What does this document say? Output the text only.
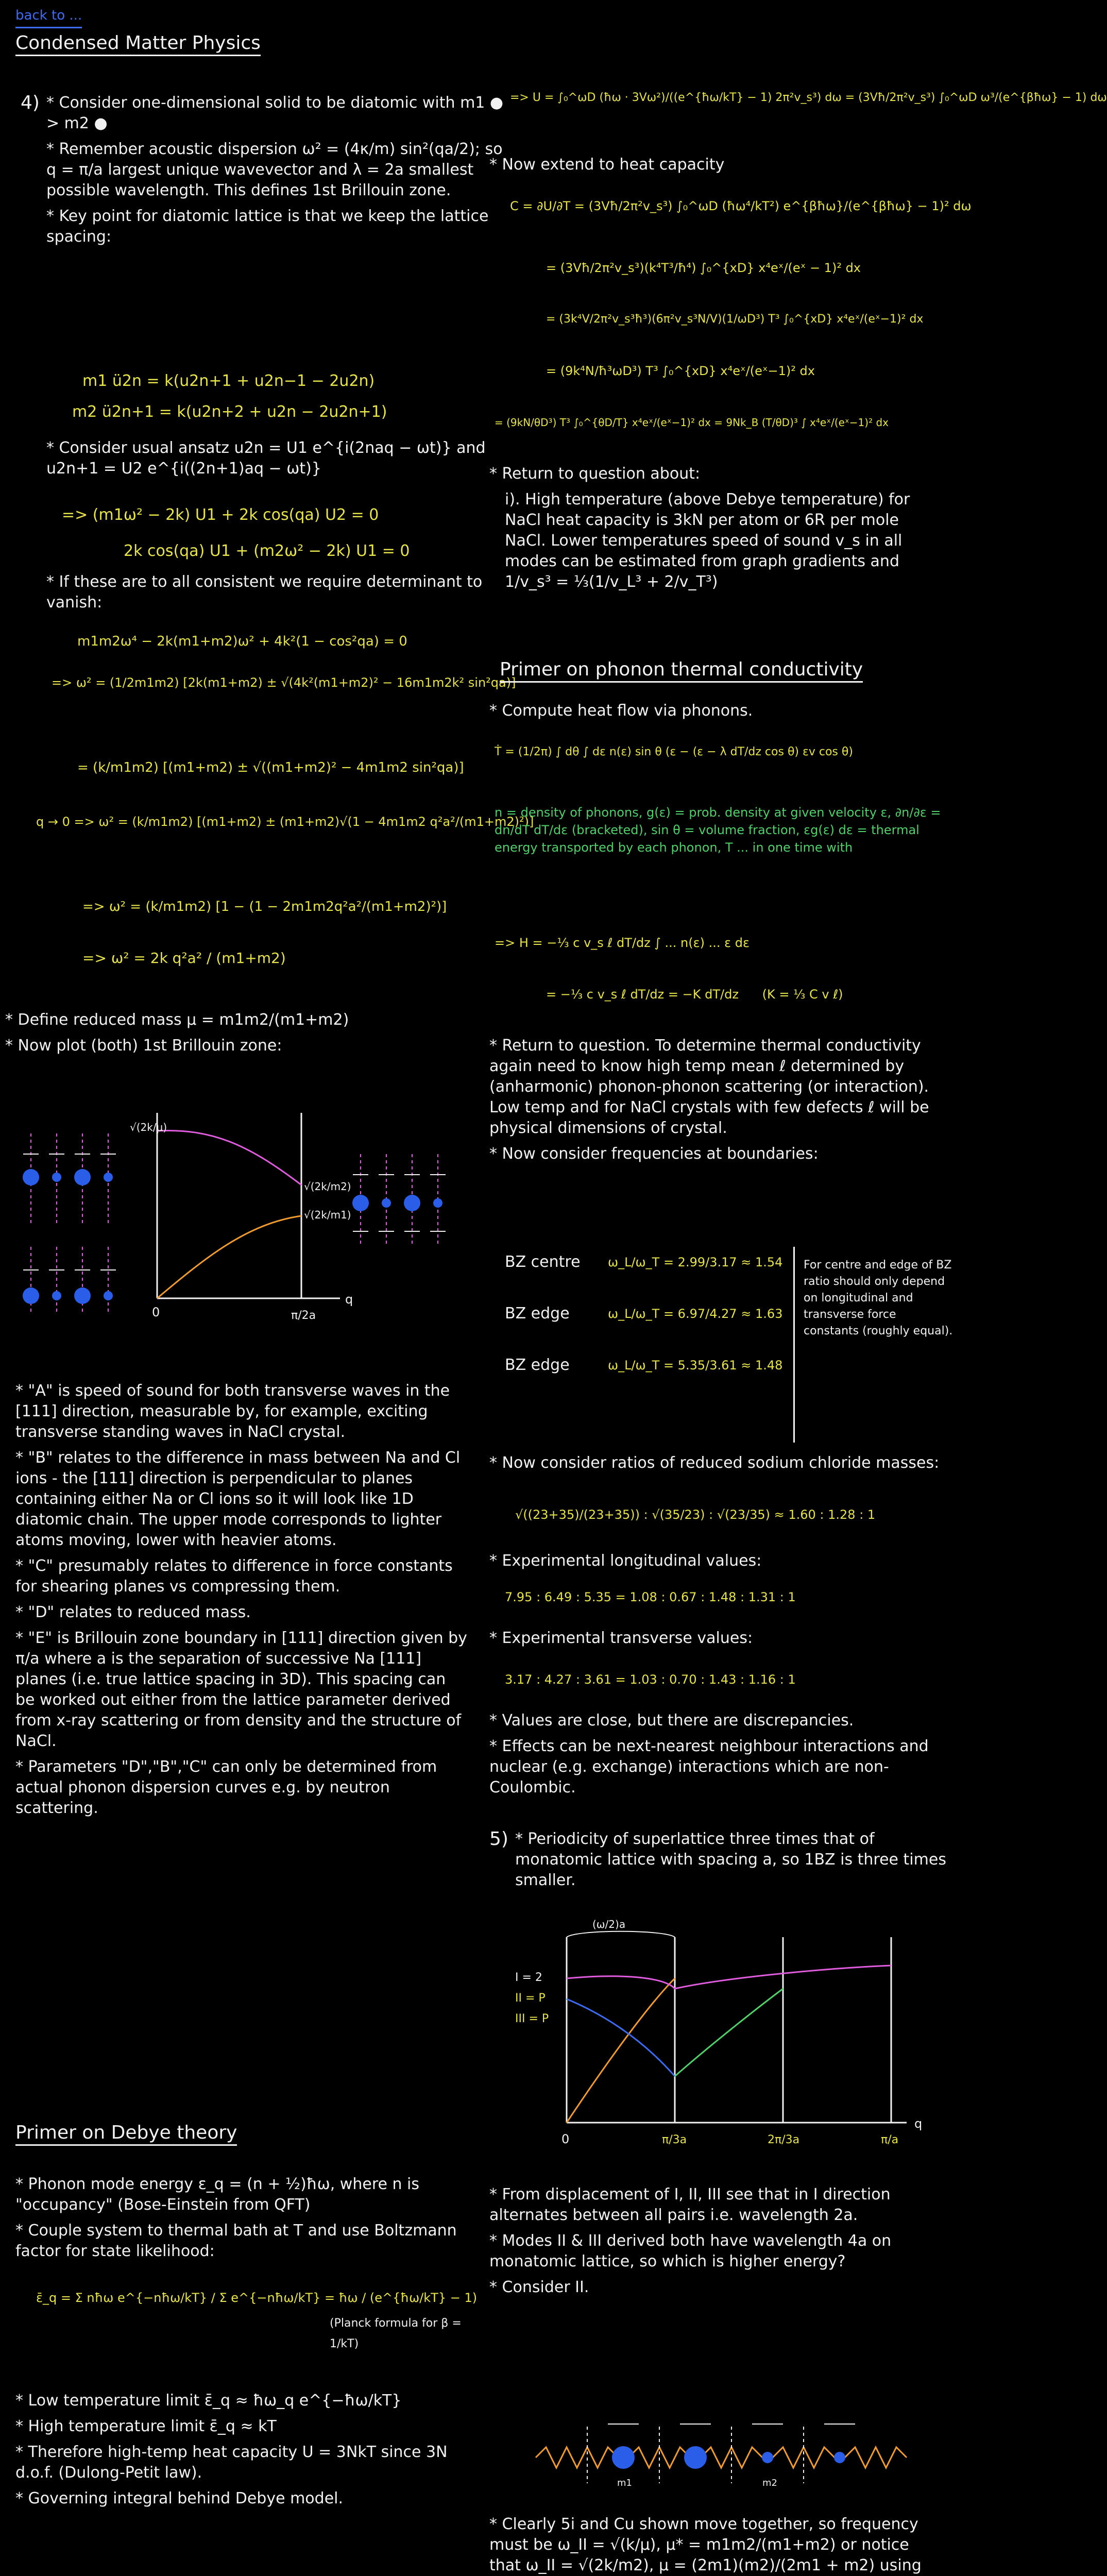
back to ...
Condensed Matter Physics
4) * Consider one-dimensional solid to be diatomic with m1 ● > m2 ●

* Remember acoustic dispersion ω² = (4κ/m) sin²(qa/2); so q = π/a largest unique wavevector and λ = 2a smallest possible wavelength. This defines 1st Brillouin zone.

* Key point for diatomic lattice is that we keep the lattice spacing:

m1 ü2n = k(u2n+1 + u2n−1 − 2u2n)
m2 ü2n+1 = k(u2n+2 + u2n − 2u2n+1)

* Consider usual ansatz u2n = U1 e^{i(2naq − ωt)} and u2n+1 = U2 e^{i((2n+1)aq − ωt)}

=> (m1ω² − 2k) U1 + 2k cos(qa) U2 = 0
2k cos(qa) U1 + (m2ω² − 2k) U1 = 0

* If these are to all consistent we require determinant to vanish:

m1m2ω⁴ − 2k(m1+m2)ω² + 4k²(1 − cos²qa) = 0
=> ω² = (1/2m1m2) [2k(m1+m2) ± √(4k²(m1+m2)² − 16m1m2k² sin²qa)]
= (k/m1m2) [(m1+m2) ± √((m1+m2)² − 4m1m2 sin²qa)]
q → 0 => ω² = (k/m1m2) [(m1+m2) ± (m1+m2)√(1 − 4m1m2 q²a²/(m1+m2)²)]
=> ω² = (k/m1m2) [1 − (1 − 2m1m2q²a²/(m1+m2)²)]
=> ω² = 2k q²a² / (m1+m2)

* Define reduced mass μ = m1m2/(m1+m2)

* Now plot (both) 1st Brillouin zone:

√(2k/μ)
√(2k/m2)
√(2k/m1)
0	π/2a
q

* "A" is speed of sound for both transverse waves in the [111] direction, measurable by, for example, exciting transverse standing waves in NaCl crystal.

* "B" relates to the difference in mass between Na and Cl ions - the [111] direction is perpendicular to planes containing either Na or Cl ions so it will look like 1D diatomic chain. The upper mode corresponds to lighter atoms moving, lower with heavier atoms.

* "C" presumably relates to difference in force constants for shearing planes vs compressing them.

* "D" relates to reduced mass.

* "E" is Brillouin zone boundary in [111] direction given by π/a where a is the separation of successive Na [111] planes (i.e. true lattice spacing in 3D). This spacing can be worked out either from the lattice parameter derived from x-ray scattering or from density and the structure of NaCl.

* Parameters "D","B","C" can only be determined from actual phonon dispersion curves e.g. by neutron scattering.

Primer on Debye theory

* Phonon mode energy ε_q = (n + ½)ħω, where n is "occupancy" (Bose-Einstein from QFT)

* Couple system to thermal bath at T and use Boltzmann factor for state likelihood:

ε̄_q = Σ nħω e^{−nħω/kT} / Σ e^{−nħω/kT} = ħω / (e^{ħω/kT} − 1)
(Planck formula for β = 1/kT)

* Low temperature limit ε̄_q ≈ ħω_q e^{−ħω/kT}

* High temperature limit ε̄_q ≈ kT

* Therefore high-temp heat capacity U = 3NkT since 3N d.o.f. (Dulong-Petit law).

* Governing integral behind Debye model.

=> U = ∫₀^ωD (ħω · 3Vω²)/((e^{ħω/kT} − 1) 2π²v_s³) dω = (3Vħ/2π²v_s³) ∫₀^ωD ω³/(e^{βħω} − 1) dω
* Now extend to heat capacity
C = ∂U/∂T = (3Vħ/2π²v_s³) ∫₀^ωD (ħω⁴/kT²) e^{βħω}/(e^{βħω} − 1)² dω
= (3Vħ/2π²v_s³)(k⁴T³/ħ⁴) ∫₀^{xD} x⁴eˣ/(eˣ − 1)² dx
= (3k⁴V/2π²v_s³ħ³)(6π²v_s³N/V)(1/ωD³) T³ ∫₀^{xD} x⁴eˣ/(eˣ−1)² dx
= (9k⁴N/ħ³ωD³) T³ ∫₀^{xD} x⁴eˣ/(eˣ−1)² dx
= (9kN/θD³) T³ ∫₀^{θD/T} x⁴eˣ/(eˣ−1)² dx = 9Nk_B (T/θD)³ ∫ x⁴eˣ/(eˣ−1)² dx

* Return to question about:

i). High temperature (above Debye temperature) for NaCl heat capacity is 3kN per atom or 6R per mole NaCl. Lower temperatures speed of sound v_s in all modes can be estimated from graph gradients and 1/v_s³ = ⅓(1/v_L³ + 2/v_T³)

Primer on phonon thermal conductivity

* Compute heat flow via phonons.

Ṫ = (1/2π) ∫ dθ ∫ dε n(ε) sin θ (ε − (ε − λ dT/dz cos θ) εv cos θ)
n = density of phonons, g(ε) = prob. density at given velocity ε, ∂n/∂ε = dn/dT dT/dε (bracketed), sin θ = volume fraction, εg(ε) dε = thermal energy transported by each phonon, T ... in one time with
=> H = −⅓ c v_s ℓ dT/dz ∫ ... n(ε) ... ε dε
= −⅓ c v_s ℓ dT/dz = −K dT/dz      (K = ⅓ C v ℓ)

* Return to question. To determine thermal conductivity again need to know high temp mean ℓ determined by (anharmonic) phonon-phonon scattering (or interaction). Low temp and for NaCl crystals with few defects ℓ will be physical dimensions of crystal.

* Now consider frequencies at boundaries:

BZ centre ω_L/ω_T = 2.99/3.17 ≈ 1.54
BZ edge	ω_L/ω_T = 6.97/4.27 ≈ 1.63
BZ edge	ω_L/ω_T = 5.35/3.61 ≈ 1.48
For centre and edge of BZ ratio should only depend on longitudinal and transverse force constants (roughly equal).

* Now consider ratios of reduced sodium chloride masses:

√((23+35)/(23+35)) : √(35/23) : √(23/35) ≈ 1.60 : 1.28 : 1
* Experimental longitudinal values:
7.95 : 6.49 : 5.35 = 1.08 : 0.67 : 1.48 : 1.31 : 1
* Experimental transverse values:
3.17 : 4.27 : 3.61 = 1.03 : 0.70 : 1.43 : 1.16 : 1

* Values are close, but there are discrepancies.

* Effects can be next-nearest neighbour interactions and nuclear (e.g. exchange) interactions which are non-Coulombic.

5) * Periodicity of superlattice three times that of monatomic lattice with spacing a, so 1BZ is three times smaller.

(ω/2)a
I = 2
II = P
III = P
0	π/3a	2π/3a	π/a
q

* From displacement of I, II, III see that in I direction alternates between all pairs i.e. wavelength 2a.

* Modes II & III derived both have wavelength 4a on monatomic lattice, so which is higher energy?

* Consider II.

m1	m2

* Clearly 5i and Cu shown move together, so frequency must be ω_II = √(k/μ), μ* = m1m2/(m1+m2) or notice that ω_II = √(2k/m2), μ = (2m1)(m2)/(2m1 + m2) using
